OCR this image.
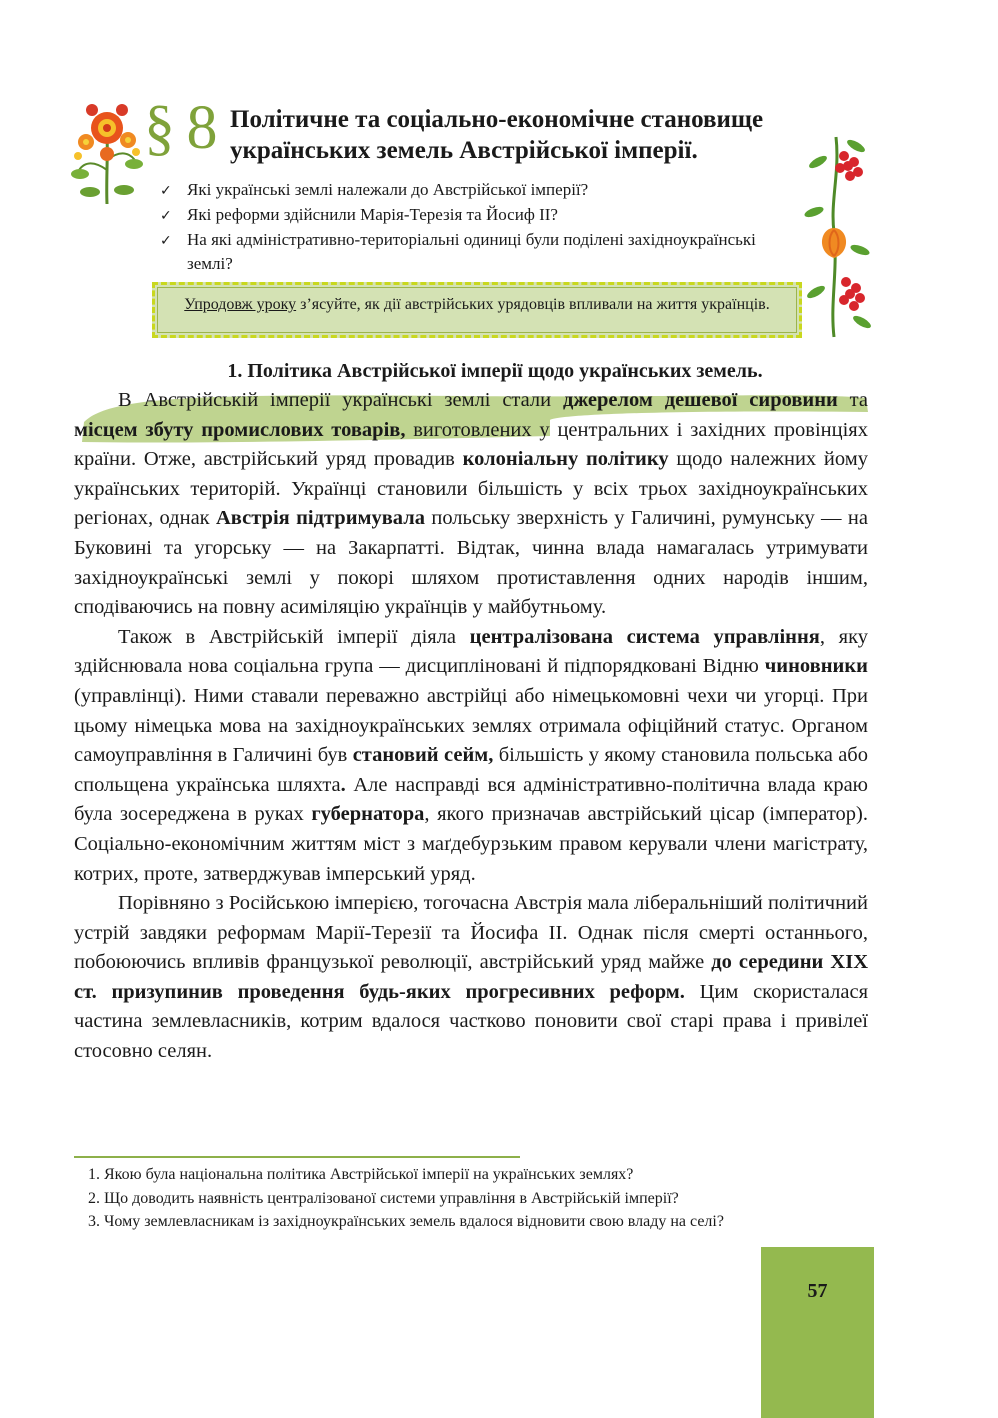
§ 8 Політичне та соціально-економічне становище
українських земель Австрійської імперії.
✓ Які українські землі належали до Австрійської імперії?
✓ Які реформи здійснили Марія-Терезія та Йосиф ІІ?
✓ На які адміністративно-територіальні одиниці були поділені західноукраїнські землі?
Упродовж уроку з’ясуйте, як дії австрійських урядовців впливали на життя українців.
1. Політика Австрійської імперії щодо українських земель.

В Австрійській імперії українські землі стали джерелом дешевої сировини та місцем збуту промислових товарів, виготовлених у центральних і західних провінціях країни. Отже, австрійський уряд провадив колоніальну політику щодо належних йому українських територій. Українці становили більшість у всіх трьох західноукраїнських регіонах, однак Австрія підтримувала польську зверхність у Галичині, румунську — на Буковині та угорську — на Закарпатті. Відтак, чинна влада намагалась утримувати західноукраїнські землі у покорі шляхом протиставлення одних народів іншим, сподіваючись на повну асиміляцію українців у майбутньому.

Також в Австрійській імперії діяла централізована система управління, яку здійснювала нова соціальна група — дисципліновані й підпорядковані Відню чиновники (управлінці). Ними ставали переважно австрійці або німецькомовні чехи чи угорці. При цьому німецька мова на західноукраїнських землях отримала офіційний статус. Органом самоуправління в Галичині був становий сейм, більшість у якому становила польська або спольщена українська шляхта. Але насправді вся адміністративно-політична влада краю була зосереджена в руках губернатора, якого призначав австрійський цісар (імператор). Соціально-економічним життям міст з маґдебурзьким правом керували члени магістрату, котрих, проте, затверджував імперський уряд.

Порівняно з Російською імперією, тогочасна Австрія мала ліберальніший політичний устрій завдяки реформам Марії-Терезії та Йосифа ІІ. Однак після смерті останнього, побоюючись впливів французької революції, австрійський уряд майже до середини ХІХ ст. призупинив проведення будь-яких прогресивних реформ. Цим скористалася частина землевласників, котрим вдалося частково поновити свої старі права і привілеї стосовно селян.

1. Якою була національна політика Австрійської імперії на українських землях?
2. Що доводить наявність централізованої системи управління в Австрійській імперії?
3. Чому землевласникам із західноукраїнських земель вдалося відновити свою владу на селі?
57
